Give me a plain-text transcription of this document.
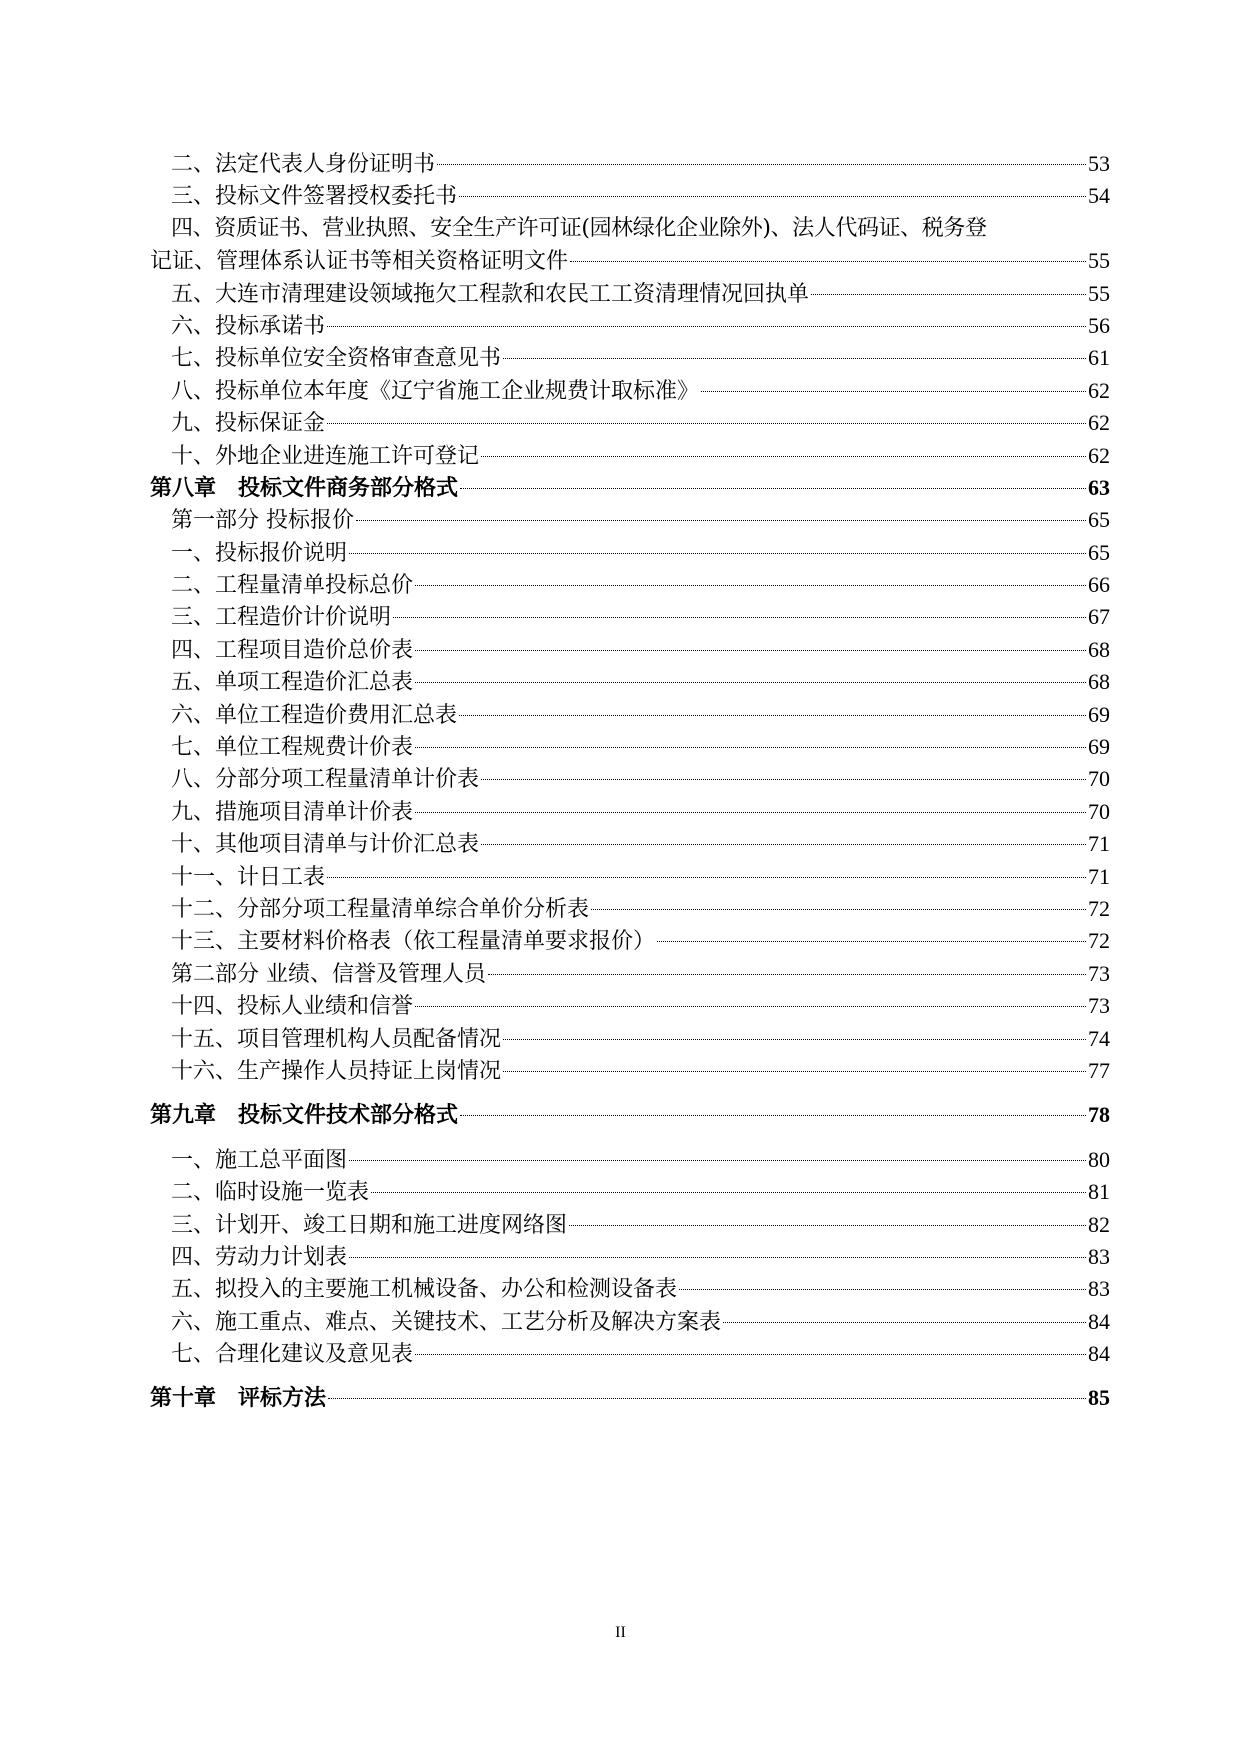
二、法定代表人身份证明书	53
三、投标文件签署授权委托书	54
四、资质证书、营业执照、安全生产许可证(园林绿化企业除外)、法人代码证、税务登
记证、管理体系认证书等相关资格证明文件	55
五、大连市清理建设领域拖欠工程款和农民工工资清理情况回执单	55
六、投标承诺书	56
七、投标单位安全资格审查意见书	61
八、投标单位本年度《辽宁省施工企业规费计取标准》	62
九、投标保证金	62
十、外地企业进连施工许可登记	62
第八章　投标文件商务部分格式	63
第一部分 投标报价	65
一、投标报价说明	65
二、工程量清单投标总价	66
三、工程造价计价说明	67
四、工程项目造价总价表	68
五、单项工程造价汇总表	68
六、单位工程造价费用汇总表	69
七、单位工程规费计价表	69
八、分部分项工程量清单计价表	70
九、措施项目清单计价表	70
十、其他项目清单与计价汇总表	71
十一、计日工表	71
十二、分部分项工程量清单综合单价分析表	72
十三、主要材料价格表（依工程量清单要求报价）	72
第二部分 业绩、信誉及管理人员	73
十四、投标人业绩和信誉	73
十五、项目管理机构人员配备情况	74
十六、生产操作人员持证上岗情况	77
第九章　投标文件技术部分格式	78
一、施工总平面图	80
二、临时设施一览表	81
三、计划开、竣工日期和施工进度网络图	82
四、劳动力计划表	83
五、拟投入的主要施工机械设备、办公和检测设备表	83
六、施工重点、难点、关键技术、工艺分析及解决方案表	84
七、合理化建议及意见表	84
第十章　评标方法	85
II
